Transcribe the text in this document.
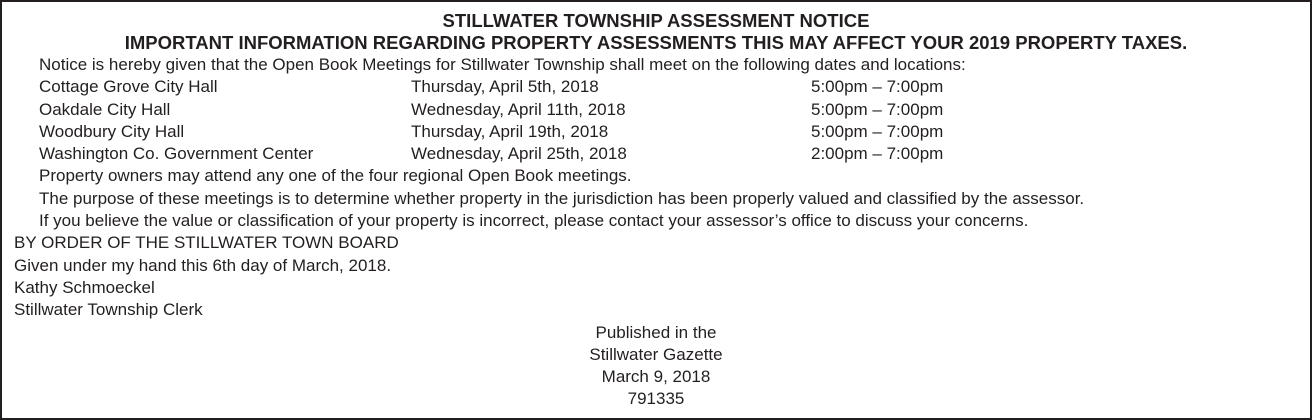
STILLWATER TOWNSHIP ASSESSMENT NOTICE
IMPORTANT INFORMATION REGARDING PROPERTY ASSESSMENTS THIS MAY AFFECT YOUR 2019 PROPERTY TAXES.
Notice is hereby given that the Open Book Meetings for Stillwater Township shall meet on the following dates and locations:
Cottage Grove City Hall	Thursday, April 5th, 2018	5:00pm – 7:00pm
Oakdale City Hall	Wednesday, April 11th, 2018	5:00pm – 7:00pm
Woodbury City Hall	Thursday, April 19th, 2018	5:00pm – 7:00pm
Washington Co. Government Center	Wednesday, April 25th, 2018	2:00pm – 7:00pm
Property owners may attend any one of the four regional Open Book meetings.
The purpose of these meetings is to determine whether property in the jurisdiction has been properly valued and classified by the assessor.
If you believe the value or classification of your property is incorrect, please contact your assessor’s office to discuss your concerns.
BY ORDER OF THE STILLWATER TOWN BOARD
Given under my hand this 6th day of March, 2018.
Kathy Schmoeckel
Stillwater Township Clerk
Published in the
Stillwater Gazette
March 9, 2018
791335
